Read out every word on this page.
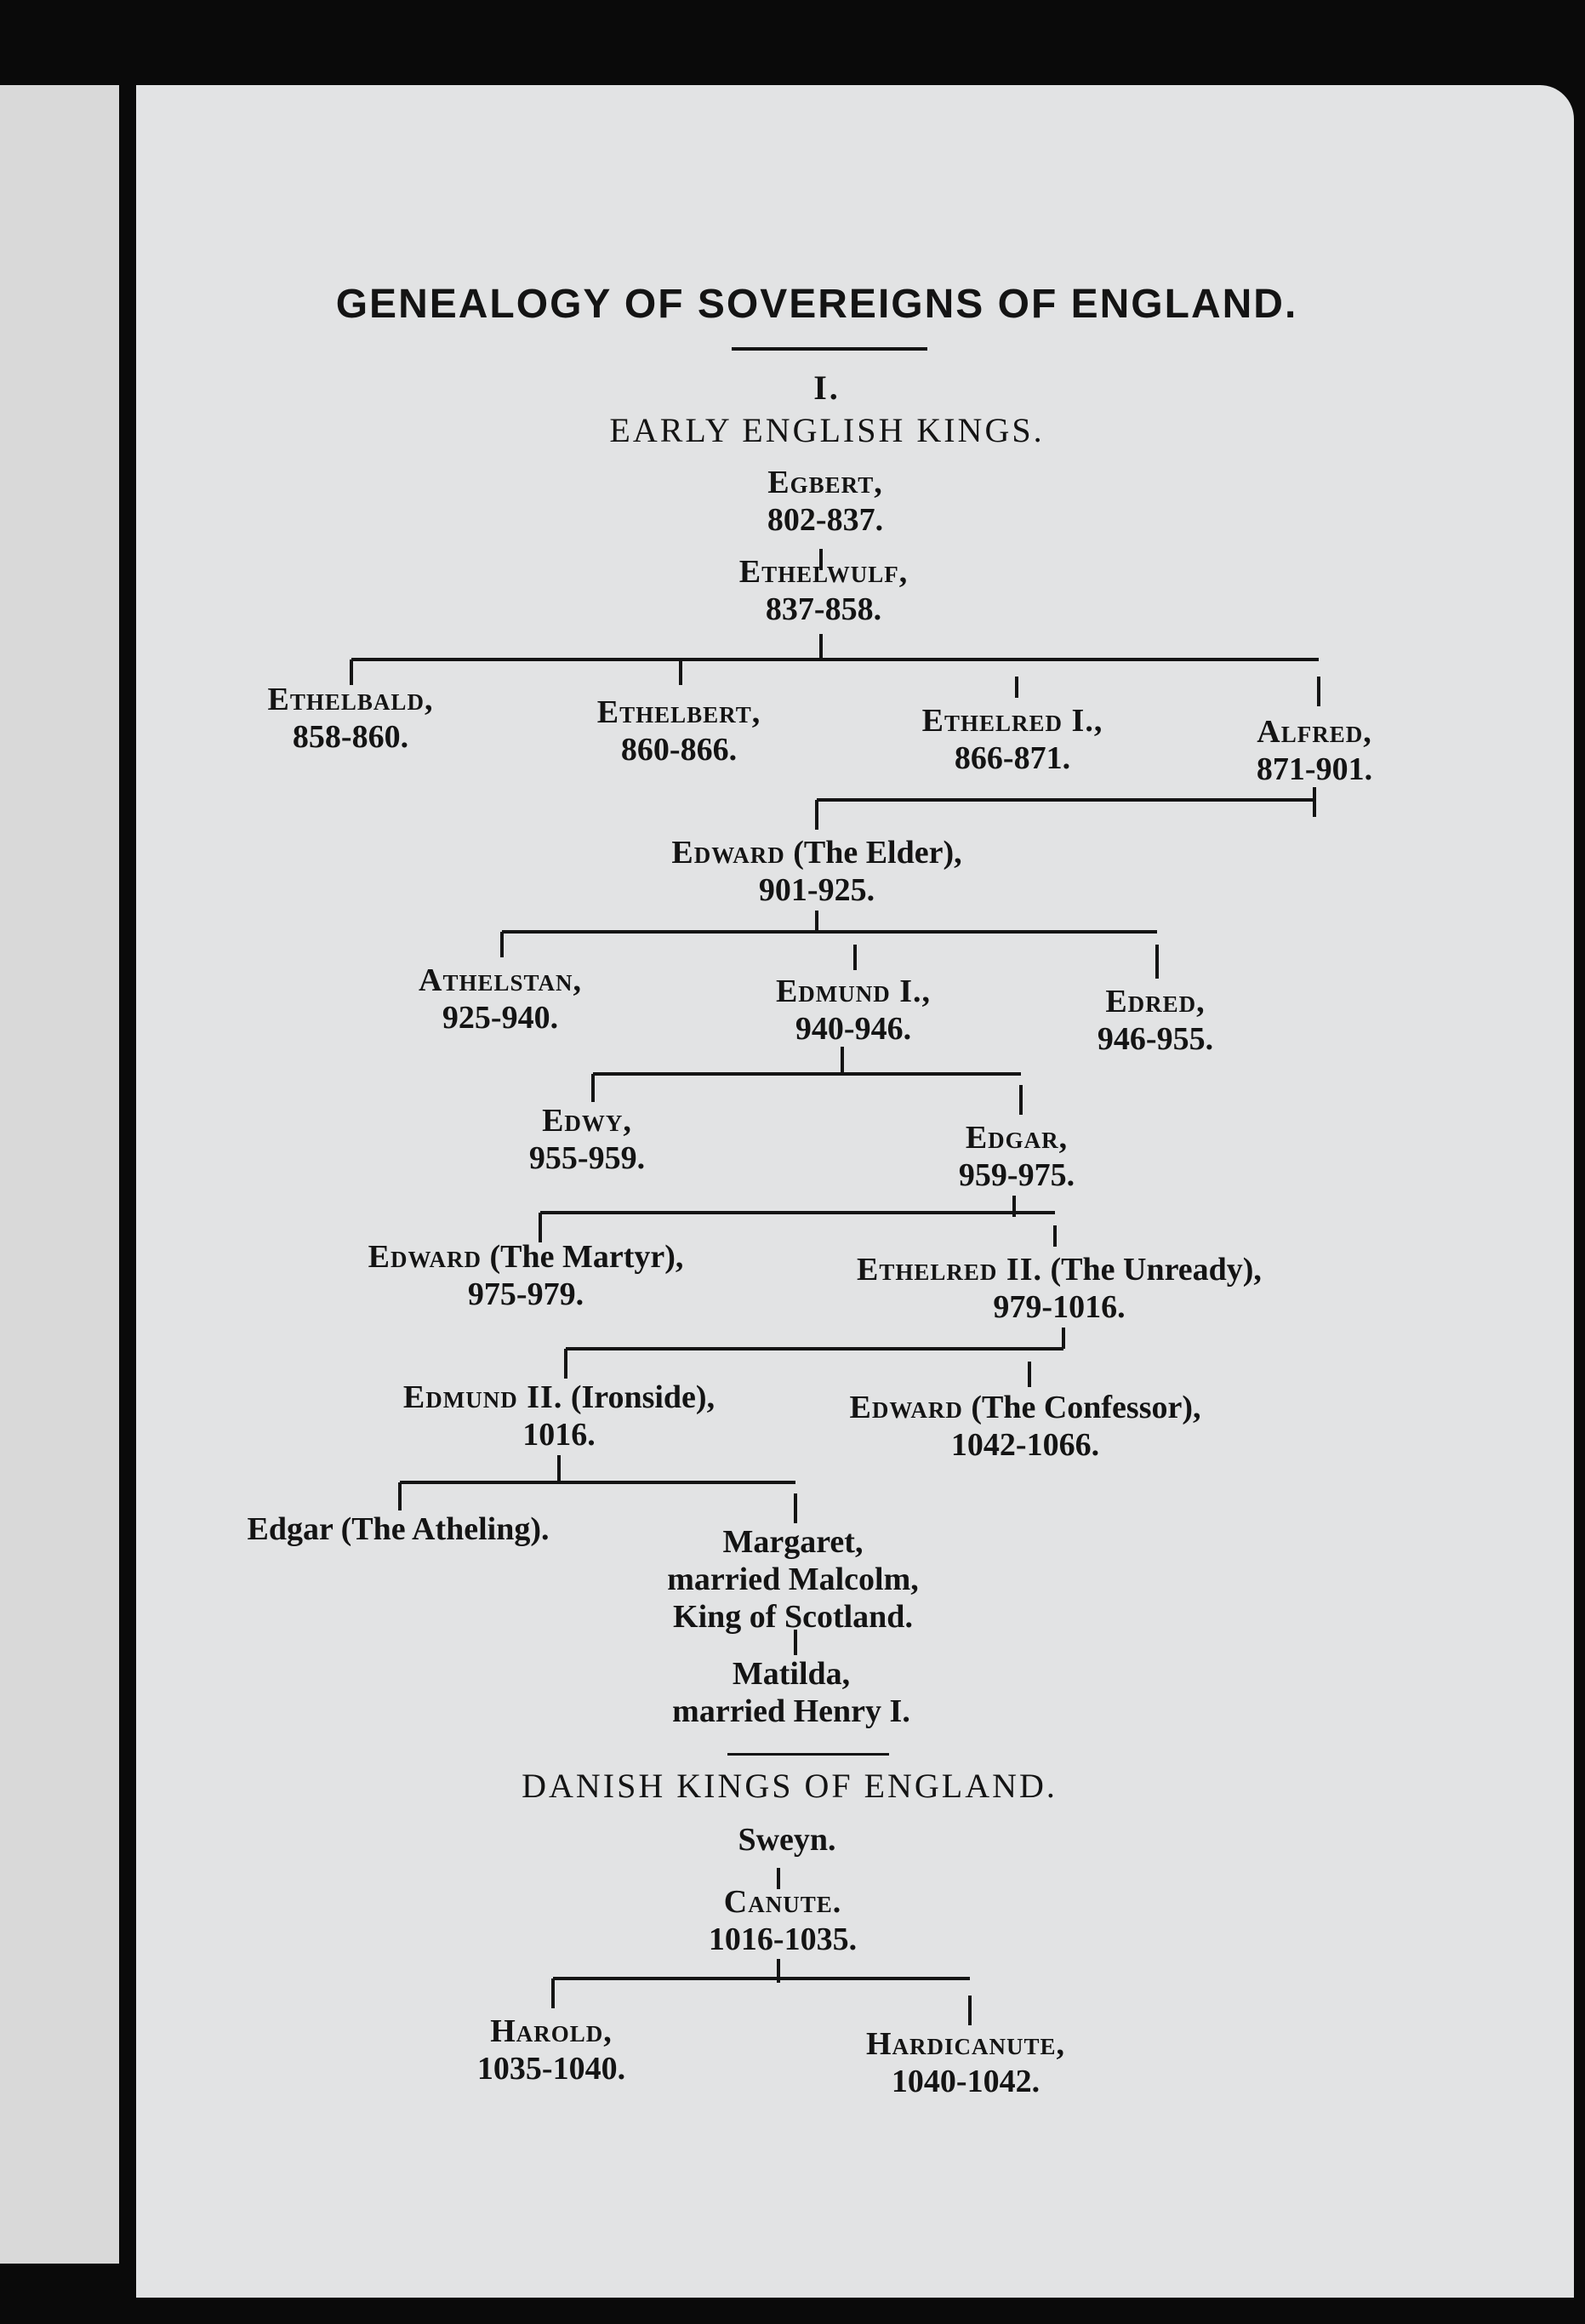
GENEALOGY OF SOVEREIGNS OF ENGLAND.
I.
EARLY ENGLISH KINGS.
Egbert,
802-837.
Ethelwulf,
837-858.
Ethelbald,
858-860.
Ethelbert,
860-866.
Ethelred I.,
866-871.
Alfred,
871-901.
Edward (The Elder),
901-925.
Athelstan,
925-940.
Edmund I.,
940-946.
Edred,
946-955.
Edwy,
955-959.
Edgar,
959-975.
Edward (The Martyr),
975-979.
Ethelred II. (The Unready),
979-1016.
Edmund II. (Ironside),
1016.
Edward (The Confessor),
1042-1066.
Edgar (The Atheling).	Margaret,
married Malcolm,
King of Scotland.
Matilda,
married Henry I.
DANISH KINGS OF ENGLAND.
Sweyn.
Canute.
1016-1035.
Harold,
1035-1040.
Hardicanute,
1040-1042.
